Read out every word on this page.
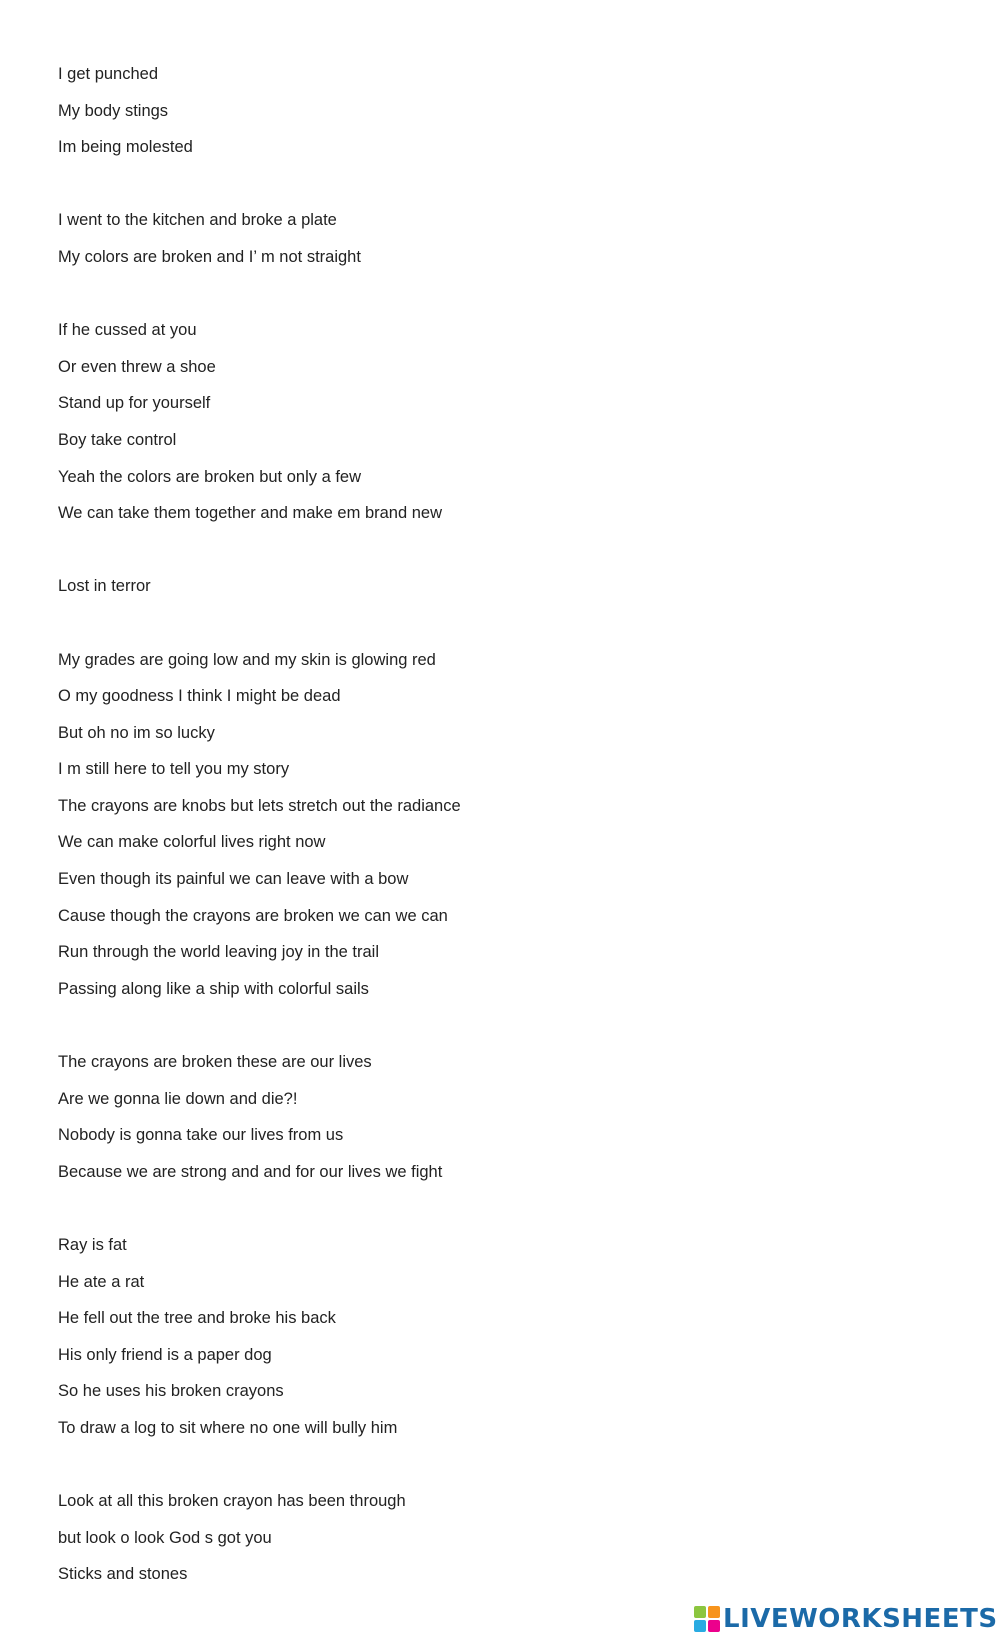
I get punched
My body stings
Im being molested
I went to the kitchen and broke a plate
My colors are broken and I’ m not straight
If he cussed at you
Or even threw a shoe
Stand up for yourself
Boy take control
Yeah the colors are broken but only a few
We can take them together and make em brand new
Lost in terror
My grades are going low and my skin is glowing red
O my goodness I think I might be dead
But oh no im so lucky
I m still here to tell you my story
The crayons are knobs but lets stretch out the radiance
We can make colorful lives right now
Even though its painful we can leave with a bow
Cause though the crayons are broken we can we can
Run through the world leaving joy in the trail
Passing along like a ship with colorful sails
The crayons are broken these are our lives
Are we gonna lie down and die?!
Nobody is gonna take our lives from us
Because we are strong and and for our lives we fight
Ray is fat
He ate a rat
He fell out the tree and broke his back
His only friend is a paper dog
So he uses his broken crayons
To draw a log to sit where no one will bully him
Look at all this broken crayon has been through
but look o look God s got you
Sticks and stones
LIVEWORKSHEETS
